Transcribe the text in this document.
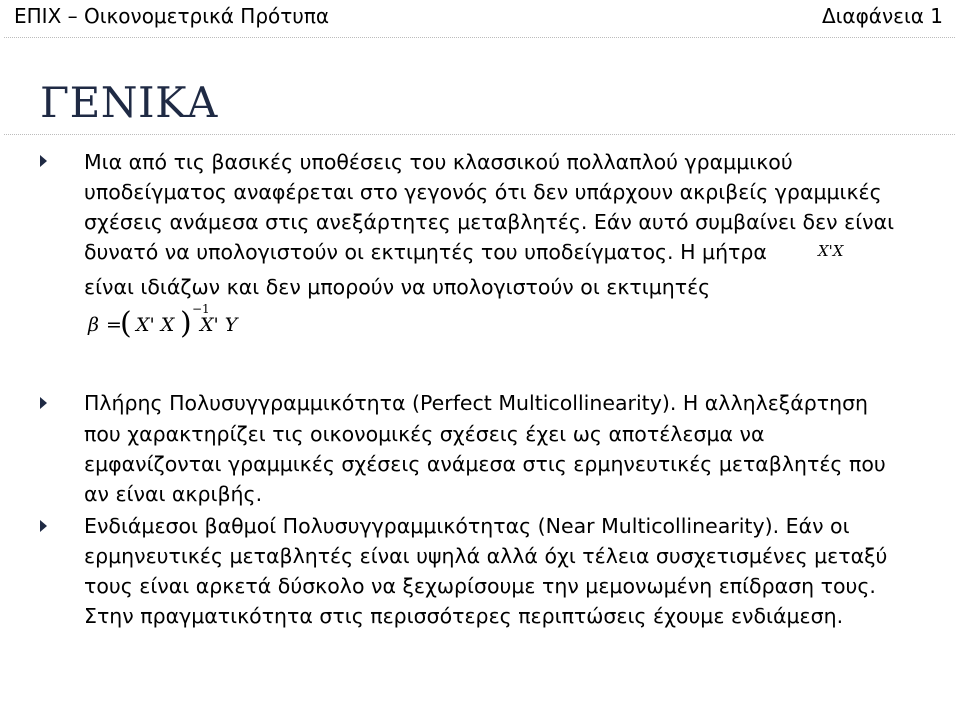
ΕΠΙΧ – Οικονομετρικά Πρότυπα	Διαφάνεια 1
ΓΕΝΙΚΑ
Μια από τις βασικές υποθέσεις του κλασσικού πολλαπλού γραμμικού
υποδείγματος αναφέρεται στο γεγονός ότι δεν υπάρχουν ακριβείς γραμμικές
σχέσεις ανάμεσα στις ανεξάρτητες μεταβλητές. Εάν αυτό συμβαίνει δεν είναι
δυνατό να υπολογιστούν οι εκτιμητές του υποδείγματος. Η μήτρα	X'X
είναι ιδιάζων και δεν μπορούν να υπολογιστούν οι εκτιμητές
β =
( X' X ) −1
X' Y
Πλήρης Πολυσυγγραμμικότητα (Perfect Multicollinearity). Η αλληλεξάρτηση
που χαρακτηρίζει τις οικονομικές σχέσεις έχει ως αποτέλεσμα να
εμφανίζονται γραμμικές σχέσεις ανάμεσα στις ερμηνευτικές μεταβλητές που
αν είναι ακριβής.
Ενδιάμεσοι βαθμοί Πολυσυγγραμμικότητας (Near Multicollinearity). Εάν οι
ερμηνευτικές μεταβλητές είναι υψηλά αλλά όχι τέλεια συσχετισμένες μεταξύ
τους είναι αρκετά δύσκολο να ξεχωρίσουμε την μεμονωμένη επίδραση τους.
Στην πραγματικότητα στις περισσότερες περιπτώσεις έχουμε ενδιάμεση.
